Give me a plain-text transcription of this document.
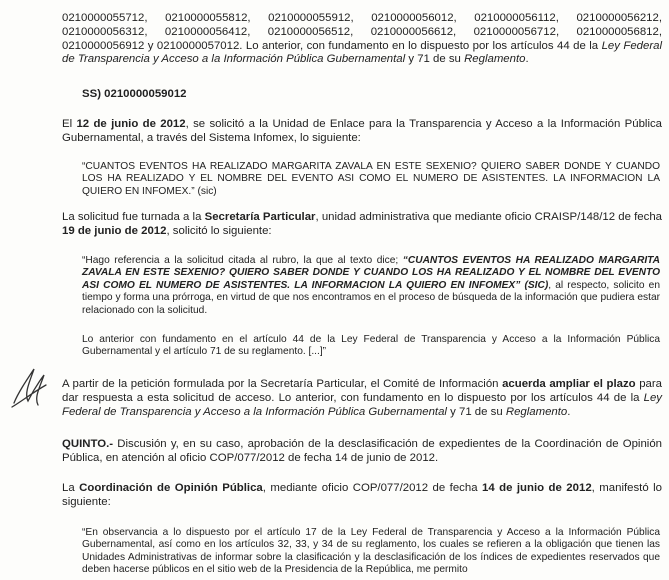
0210000055712, 0210000055812, 0210000055912, 0210000056012, 0210000056112, 0210000056212, 0210000056312, 0210000056412, 0210000056512, 0210000056612, 0210000056712, 0210000056812, 0210000056912 y 0210000057012. Lo anterior, con fundamento en lo dispuesto por los artículos 44 de la Ley Federal de Transparencia y Acceso a la Información Pública Gubernamental y 71 de su Reglamento.

SS) 0210000059012

El 12 de junio de 2012, se solicitó a la Unidad de Enlace para la Transparencia y Acceso a la Información Pública Gubernamental, a través del Sistema Infomex, lo siguiente:

“CUANTOS EVENTOS HA REALIZADO MARGARITA ZAVALA EN ESTE SEXENIO? QUIERO SABER DONDE Y CUANDO LOS HA REALIZADO Y EL NOMBRE DEL EVENTO ASI COMO EL NUMERO DE ASISTENTES. LA INFORMACION LA QUIERO EN INFOMEX.” (sic)

La solicitud fue turnada a la Secretaría Particular, unidad administrativa que mediante oficio CRAISP/148/12 de fecha 19 de junio de 2012, solicitó lo siguiente:

“Hago referencia a la solicitud citada al rubro, la que al texto dice; “CUANTOS EVENTOS HA REALIZADO MARGARITA ZAVALA EN ESTE SEXENIO? QUIERO SABER DONDE Y CUANDO LOS HA REALIZADO Y EL NOMBRE DEL EVENTO ASI COMO EL NUMERO DE ASISTENTES. LA INFORMACION LA QUIERO EN INFOMEX” (SIC), al respecto, solicito en tiempo y forma una prórroga, en virtud de que nos encontramos en el proceso de búsqueda de la información que pudiera estar relacionado con la solicitud.

Lo anterior con fundamento en el artículo 44 de la Ley Federal de Transparencia y Acceso a la Información Pública Gubernamental y el artículo 71 de su reglamento. [...]”

A partir de la petición formulada por la Secretaría Particular, el Comité de Información acuerda ampliar el plazo para dar respuesta a esta solicitud de acceso. Lo anterior, con fundamento en lo dispuesto por los artículos 44 de la Ley Federal de Transparencia y Acceso a la Información Pública Gubernamental y 71 de su Reglamento.

QUINTO.- Discusión y, en su caso, aprobación de la desclasificación de expedientes de la Coordinación de Opinión Pública, en atención al oficio COP/077/2012 de fecha 14 de junio de 2012.

La Coordinación de Opinión Pública, mediante oficio COP/077/2012 de fecha 14 de junio de 2012, manifestó lo siguiente:

“En observancia a lo dispuesto por el artículo 17 de la Ley Federal de Transparencia y Acceso a la Información Pública Gubernamental, así como en los artículos 32, 33, y 34 de su reglamento, los cuales se refieren a la obligación que tienen las Unidades Administrativas de informar sobre la clasificación y la desclasificación de los índices de expedientes reservados que deben hacerse públicos en el sitio web de la Presidencia de la República, me permito
